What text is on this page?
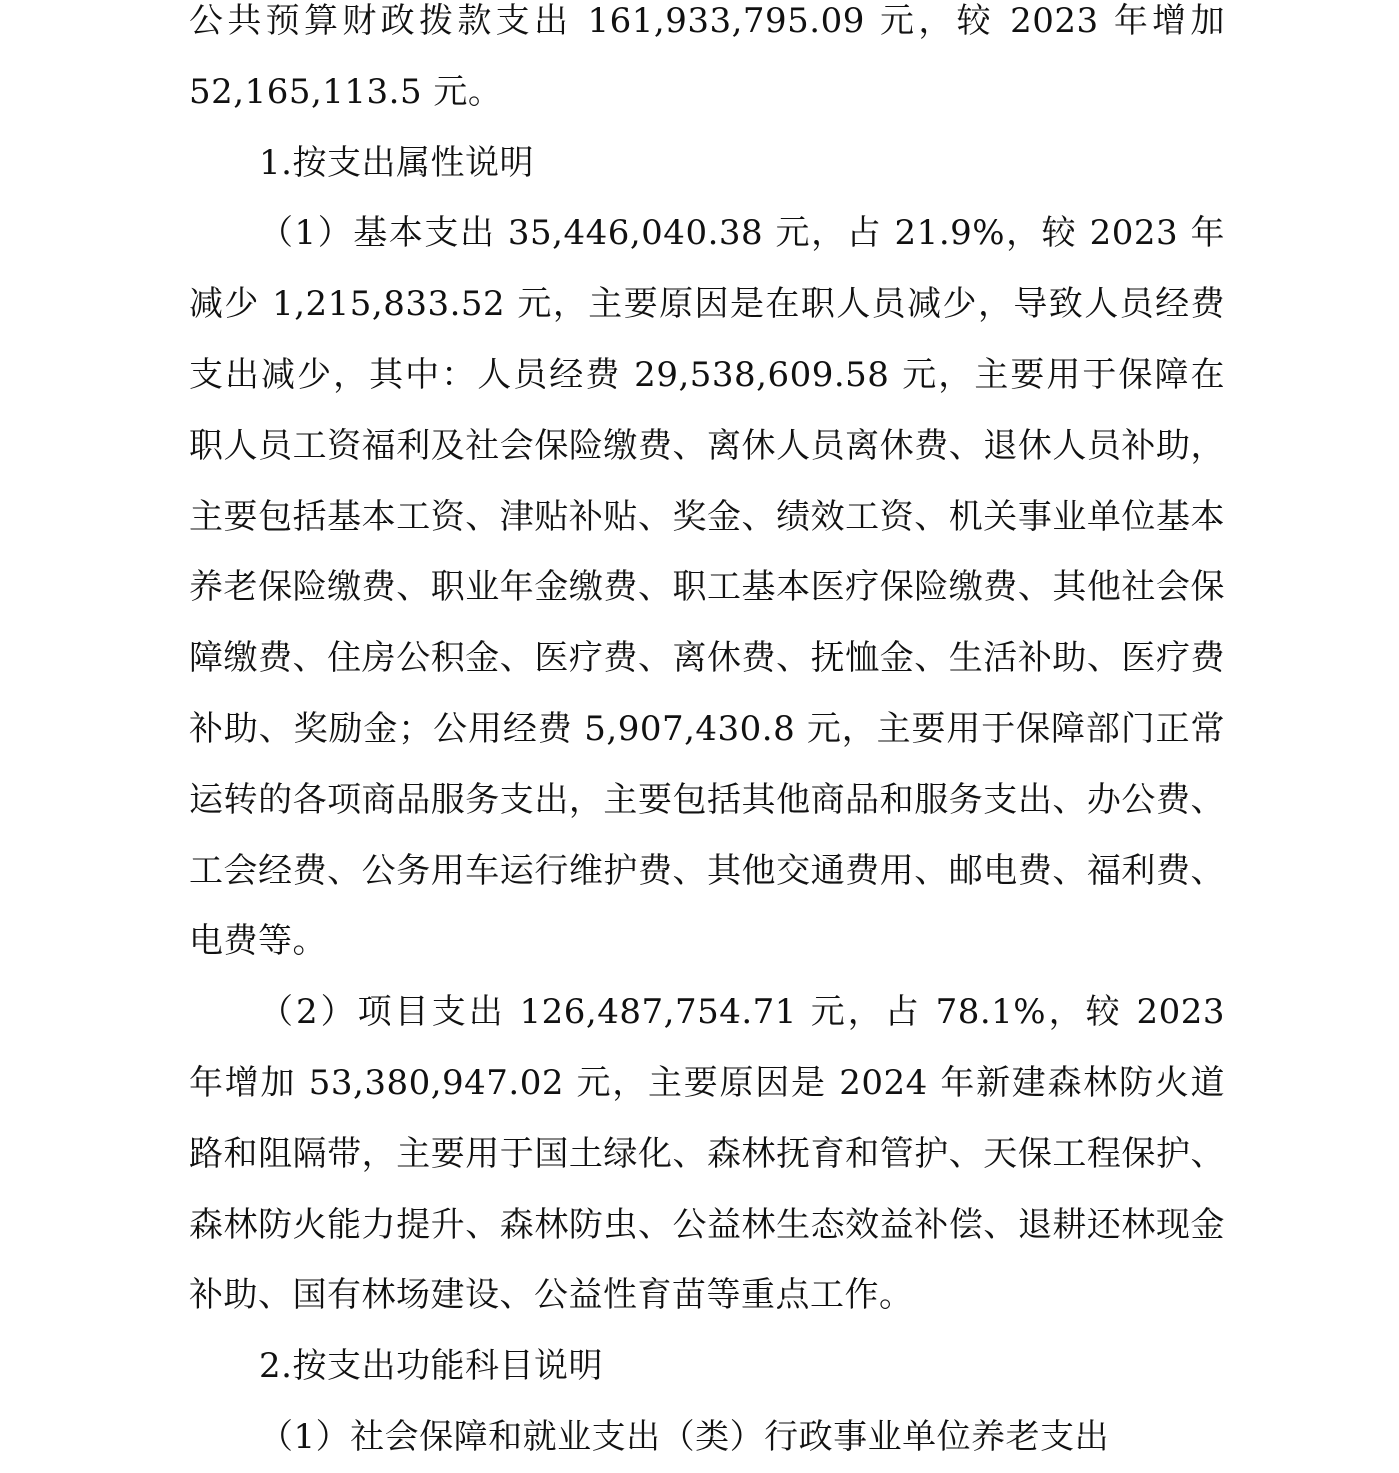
公共预算财政拨款支出 161,933,795.09 元，较 2023 年增加 52,165,113.5 元。

1.按支出属性说明

（1）基本支出 35,446,040.38 元，占 21.9%，较 2023 年减少 1,215,833.52 元，主要原因是在职人员减少，导致人员经费支出减少，其中：人员经费 29,538,609.58 元，主要用于保障在职人员工资福利及社会保险缴费、离休人员离休费、退休人员补助，主要包括基本工资、津贴补贴、奖金、绩效工资、机关事业单位基本养老保险缴费、职业年金缴费、职工基本医疗保险缴费、其他社会保障缴费、住房公积金、医疗费、离休费、抚恤金、生活补助、医疗费补助、奖励金；公用经费 5,907,430.8 元，主要用于保障部门正常运转的各项商品服务支出，主要包括其他商品和服务支出、办公费、工会经费、公务用车运行维护费、其他交通费用、邮电费、福利费、电费等。

（2）项目支出 126,487,754.71 元，占 78.1%，较 2023 年增加 53,380,947.02 元，主要原因是 2024 年新建森林防火道路和阻隔带，主要用于国土绿化、森林抚育和管护、天保工程保护、森林防火能力提升、森林防虫、公益林生态效益补偿、退耕还林现金补助、国有林场建设、公益性育苗等重点工作。

2.按支出功能科目说明

（1）社会保障和就业支出（类）行政事业单位养老支出
